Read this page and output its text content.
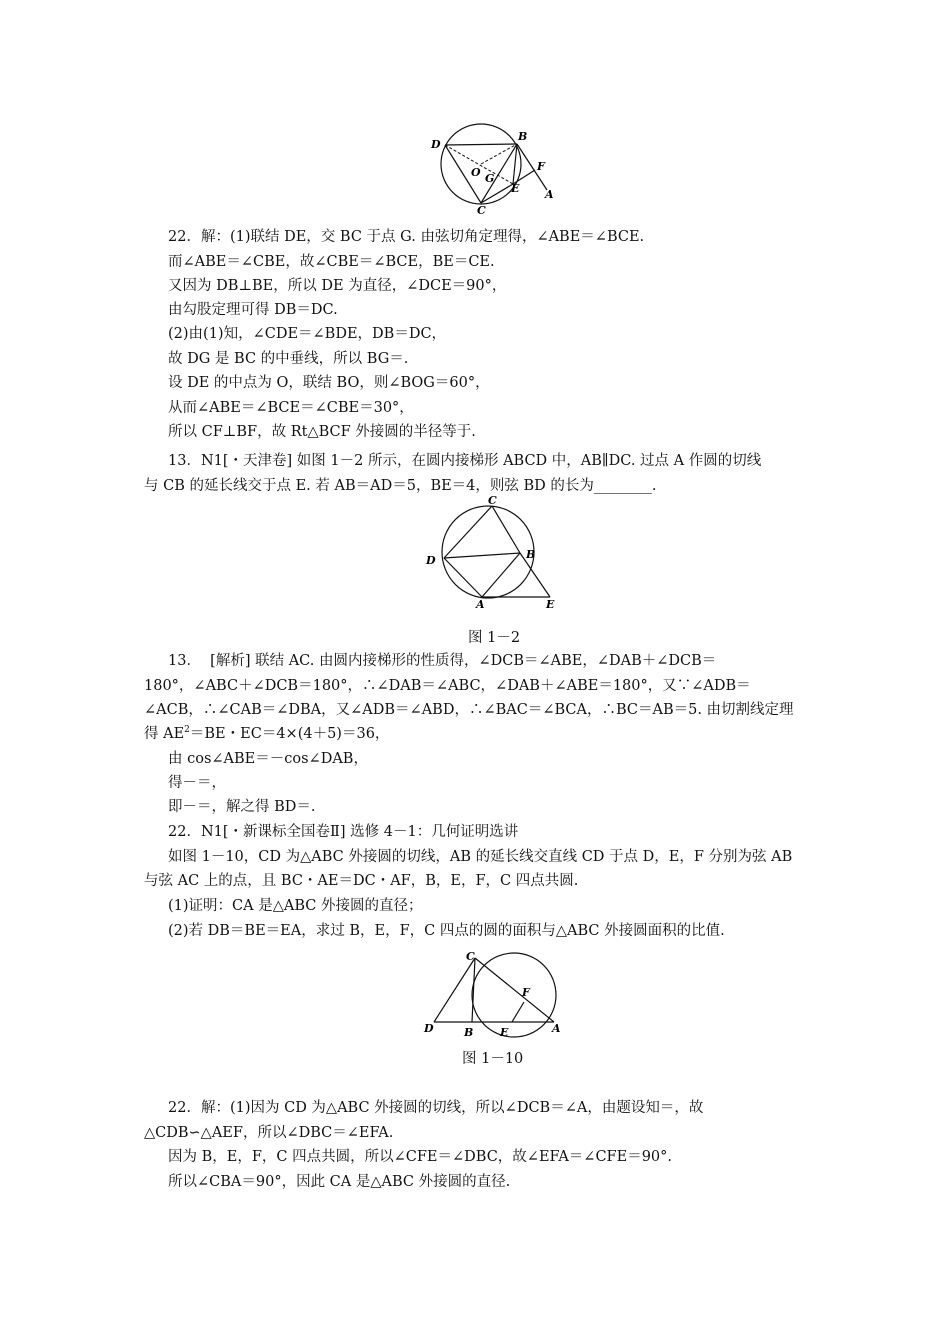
D
B
F
O G
E A
C
22．解：(1)联结 DE，交 BC 于点 G. 由弦切角定理得，∠ABE＝∠BCE.
而∠ABE＝∠CBE，故∠CBE＝∠BCE，BE＝CE.
又因为 DB⊥BE，所以 DE 为直径，∠DCE＝90°，
由勾股定理可得 DB＝DC.
(2)由(1)知，∠CDE＝∠BDE，DB＝DC，
故 DG 是 BC 的中垂线，所以 BG＝.
设 DE 的中点为 O，联结 BO，则∠BOG＝60°，
从而∠ABE＝∠BCE＝∠CBE＝30°，
所以 CF⊥BF，故 Rt△BCF 外接圆的半径等于.
13．N1[・天津卷] 如图 1－2 所示，在圆内接梯形 ABCD 中，AB∥DC. 过点 A 作圆的切线
与 CB 的延长线交于点 E. 若 AB＝AD＝5，BE＝4，则弦 BD 的长为________.
C
D	B
A	E
图 1－2
13．  [解析] 联结 AC. 由圆内接梯形的性质得，∠DCB＝∠ABE，∠DAB＋∠DCB＝
180°，∠ABC＋∠DCB＝180°，∴∠DAB＝∠ABC，∠DAB＋∠ABE＝180°，又∵∠ADB＝
∠ACB，∴∠CAB＝∠DBA，又∠ADB＝∠ABD，∴∠BAC＝∠BCA，∴BC＝AB＝5. 由切割线定理
得 $AE^2=BE$・EC＝4×(4＋5)＝36，
由 cos∠ABE＝－cos∠DAB，
得－＝，
即－＝，解之得 BD＝.
22．N1[・新课标全国卷Ⅱ] 选修 4－1：几何证明选讲
如图 1－10，CD 为△ABC 外接圆的切线，AB 的延长线交直线 CD 于点 D，E，F 分别为弦 AB
与弦 AC 上的点，且 BC・AE＝DC・AF，B，E，F，C 四点共圆.
(1)证明：CA 是△ABC 外接圆的直径；
(2)若 DB＝BE＝EA，求过 B，E，F，C 四点的圆的面积与△ABC 外接圆面积的比值.
C
F
D	B E	A
图 1－10
22．解：(1)因为 CD 为△ABC 外接圆的切线，所以∠DCB＝∠A，由题设知＝，故
△CDB∽△AEF，所以∠DBC＝∠EFA.
因为 B，E，F，C 四点共圆，所以∠CFE＝∠DBC，故∠EFA＝∠CFE＝90°.
所以∠CBA＝90°，因此 CA 是△ABC 外接圆的直径.
